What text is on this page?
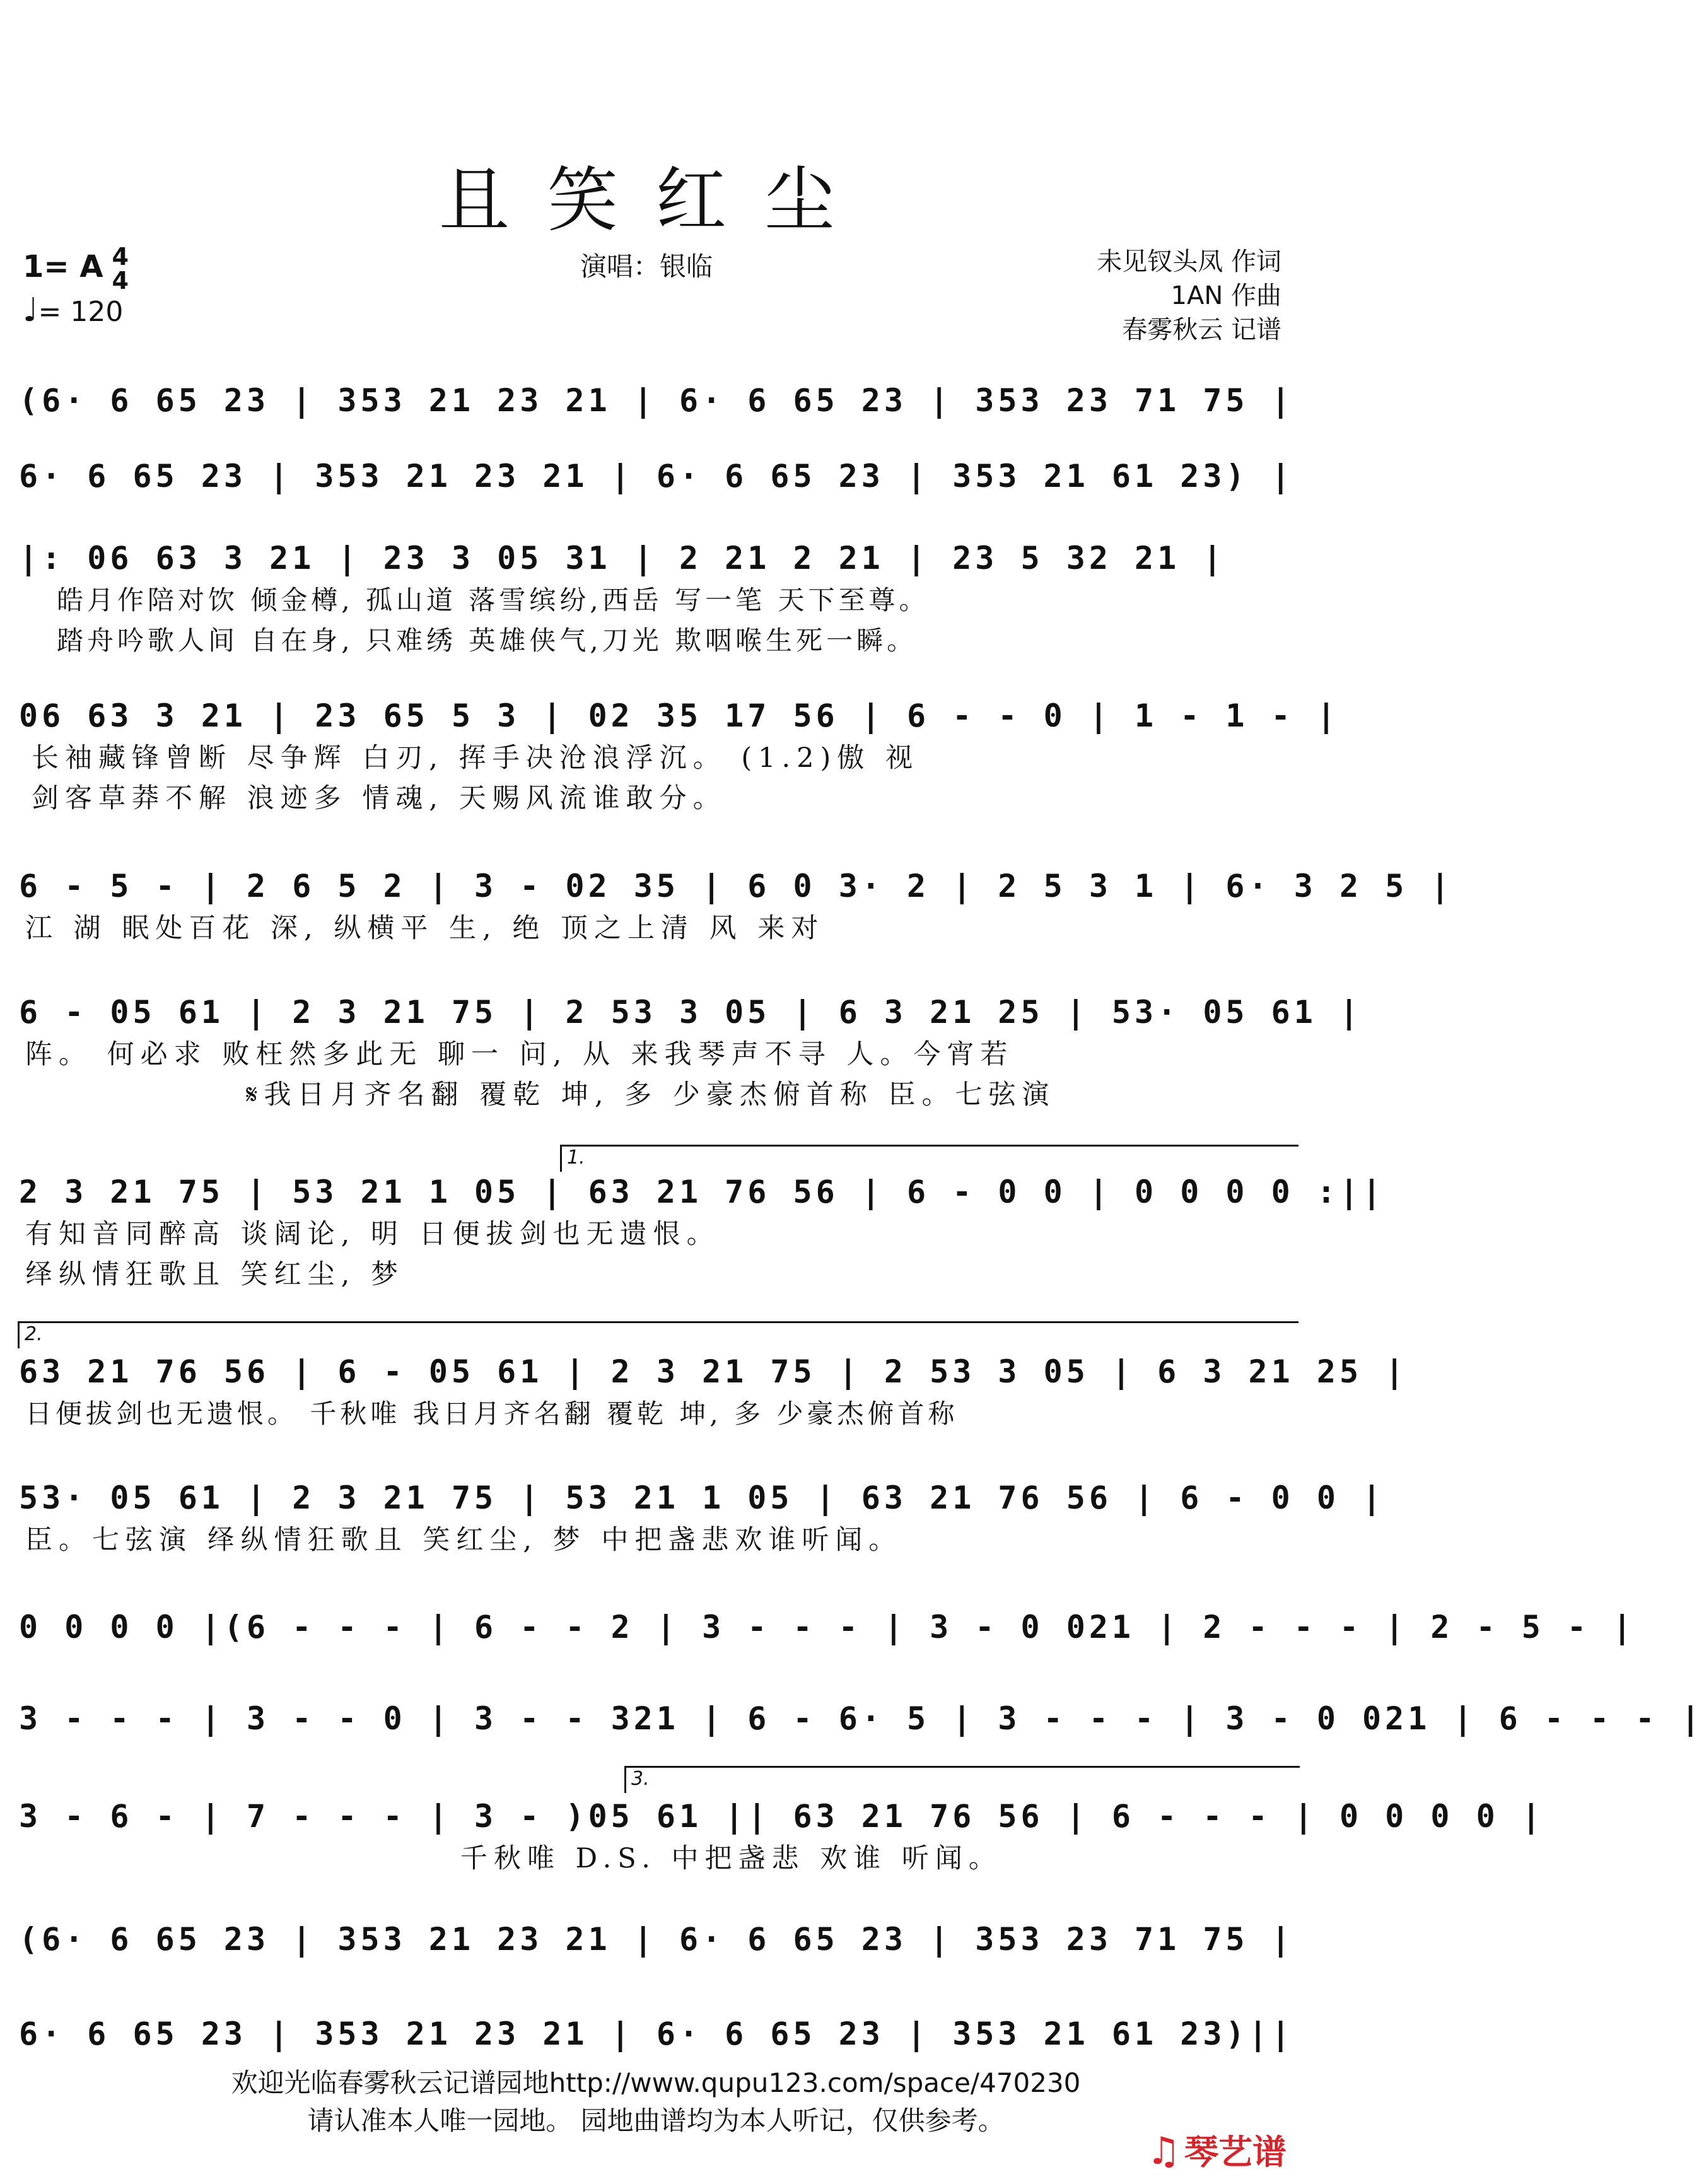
且笑红尘
1= A 4
4
♩= 120
演唱：银临	未见钗头凤 作词
1AN 作曲
春雾秋云 记谱
(6· 6 65 23 | 353 21 23 21 | 6· 6 65 23 | 353 23 71 75 |
6· 6 65 23 | 353 21 23 21 | 6· 6 65 23 | 353 21 61 23) |
|: 06 63 3 21 | 23 3 05 31 | 2 21 2 21 | 23 5 32 21 |
皓月作陪对饮 倾金樽, 孤山道 落雪缤纷,西岳 写一笔 天下至尊。
踏舟吟歌人间 自在身, 只难绣 英雄侠气,刀光 欺咽喉生死一瞬。
06 63 3 21 | 23 65 5 3 | 02 35 17 56 | 6 - - 0 | 1 - 1 - |
长袖藏锋曾断 尽争辉 白刃, 挥手决沧浪浮沉。 (1.2)傲 视
剑客草莽不解 浪迹多 情魂, 天赐风流谁敢分。
6 - 5 - | 2 6 5 2 | 3 - 02 35 | 6 0 3· 2 | 2 5 3 1 | 6· 3 2 5 |
江 湖 眠处百花 深, 纵横平 生, 绝 顶之上清 风 来对
6 - 05 61 | 2 3 21 75 | 2 53 3 05 | 6 3 21 25 | 53· 05 61 |
阵。 何必求 败枉然多此无 聊一 问, 从 来我琴声不寻 人。今宵若
𝄋我日月齐名翻 覆乾 坤, 多 少豪杰俯首称 臣。七弦演
1.
2 3 21 75 | 53 21 1 05 | 63 21 76 56 | 6 - 0 0 | 0 0 0 0 :||
有知音同醉高 谈阔论, 明 日便拔剑也无遗恨。
绎纵情狂歌且 笑红尘, 梦
2.
63 21 76 56 | 6 - 05 61 | 2 3 21 75 | 2 53 3 05 | 6 3 21 25 |
日便拔剑也无遗恨。 千秋唯 我日月齐名翻 覆乾 坤, 多 少豪杰俯首称
53· 05 61 | 2 3 21 75 | 53 21 1 05 | 63 21 76 56 | 6 - 0 0 |
臣。七弦演 绎纵情狂歌且 笑红尘, 梦 中把盏悲欢谁听闻。
0 0 0 0 |(6 - - - | 6 - - 2 | 3 - - - | 3 - 0 021 | 2 - - - | 2 - 5 - |
3 - - - | 3 - - 0 | 3 - - 321 | 6 - 6· 5 | 3 - - - | 3 - 0 021 | 6 - - - |
3.
3 - 6 - | 7 - - - | 3 - )05 61 || 63 21 76 56 | 6 - - - | 0 0 0 0 |
千秋唯 D.S. 中把盏悲 欢谁 听闻。
(6· 6 65 23 | 353 21 23 21 | 6· 6 65 23 | 353 23 71 75 |
6· 6 65 23 | 353 21 23 21 | 6· 6 65 23 | 353 21 61 23)||
欢迎光临春雾秋云记谱园地http://www.qupu123.com/space/470230
请认准本人唯一园地。 园地曲谱均为本人听记，仅供参考。
♫ 琴艺谱
